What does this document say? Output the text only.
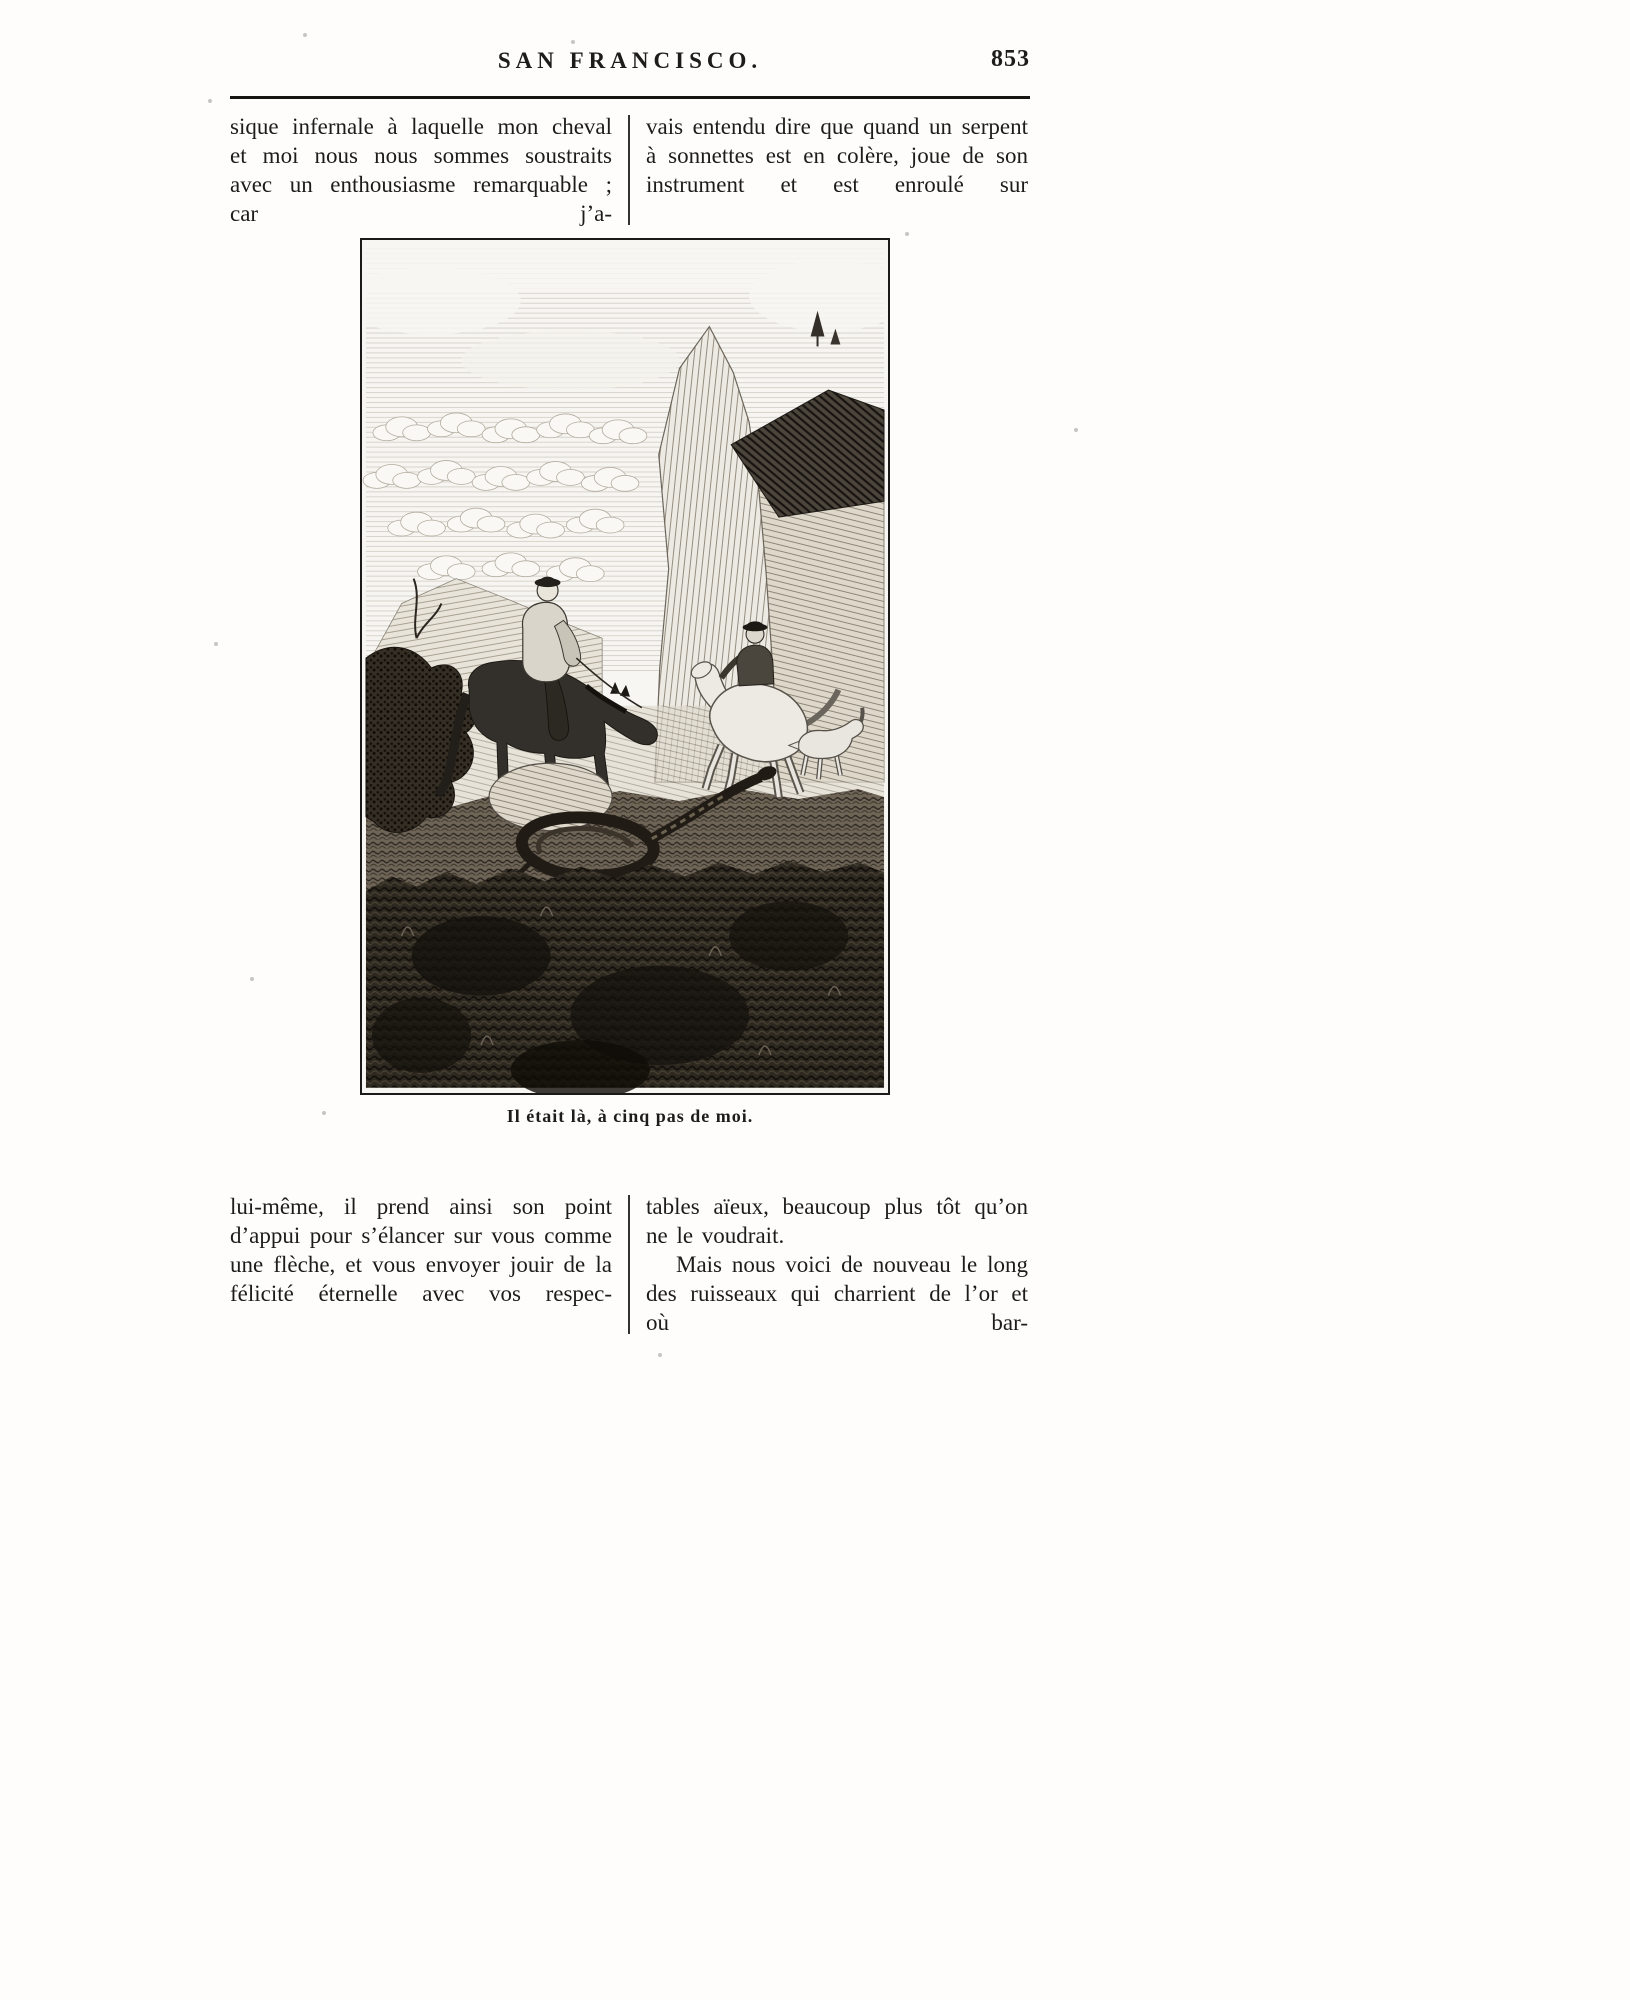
SAN FRANCISCO.	853

sique infernale à laquelle mon cheval et moi nous nous sommes soustraits avec un enthousiasme remarquable ; car j’a-

vais entendu dire que quand un serpent à sonnettes est en colère, joue de son instrument et est enroulé sur

Il était là, à cinq pas de moi.

lui-même, il prend ainsi son point d’appui pour s’élancer sur vous comme une flèche, et vous envoyer jouir de la félicité éternelle avec vos respec-

tables aïeux, beaucoup plus tôt qu’on ne le voudrait.

Mais nous voici de nouveau le long des ruisseaux qui charrient de l’or et où bar-
